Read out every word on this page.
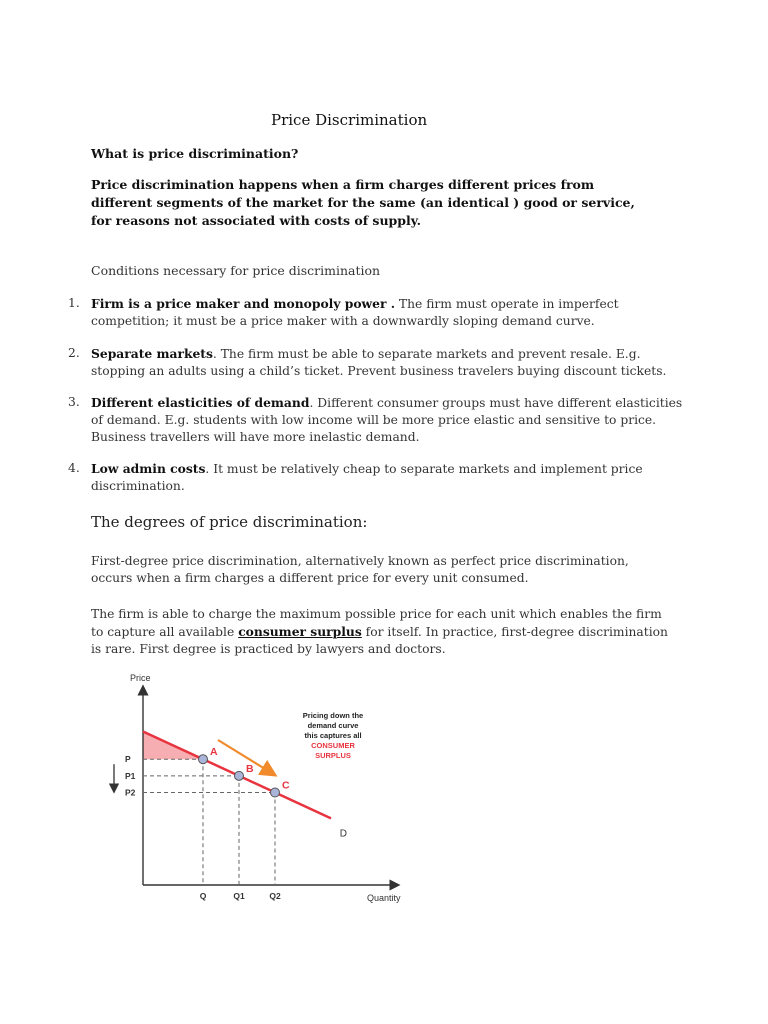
Price Discrimination
What is price discrimination?
Price discrimination happens when a firm charges different prices from different segments of the market for the same (an identical ) good or service, for reasons not associated with costs of supply.
Conditions necessary for price discrimination
1. Firm is a price maker and monopoly power . The firm must operate in imperfect competition; it must be a price maker with a downwardly sloping demand curve.
2. Separate markets. The firm must be able to separate markets and prevent resale. E.g. stopping an adults using a child’s ticket. Prevent business travelers buying discount tickets.
3. Different elasticities of demand. Different consumer groups must have different elasticities of demand. E.g. students with low income will be more price elastic and sensitive to price. Business travellers will have more inelastic demand.
4. Low admin costs. It must be relatively cheap to separate markets and implement price discrimination.
The degrees of price discrimination:
First-degree price discrimination, alternatively known as perfect price discrimination, occurs when a firm charges a different price for every unit consumed.
The firm is able to charge the maximum possible price for each unit which enables the firm to capture all available consumer surplus for itself. In practice, first-degree discrimination is rare. First degree is practiced by lawyers and doctors.
Price
Quantity
P
Q
P1
Q1
P2
Q2
D
A
B
C
Pricing down the
demand curve
this captures all
CONSUMER
SURPLUS
